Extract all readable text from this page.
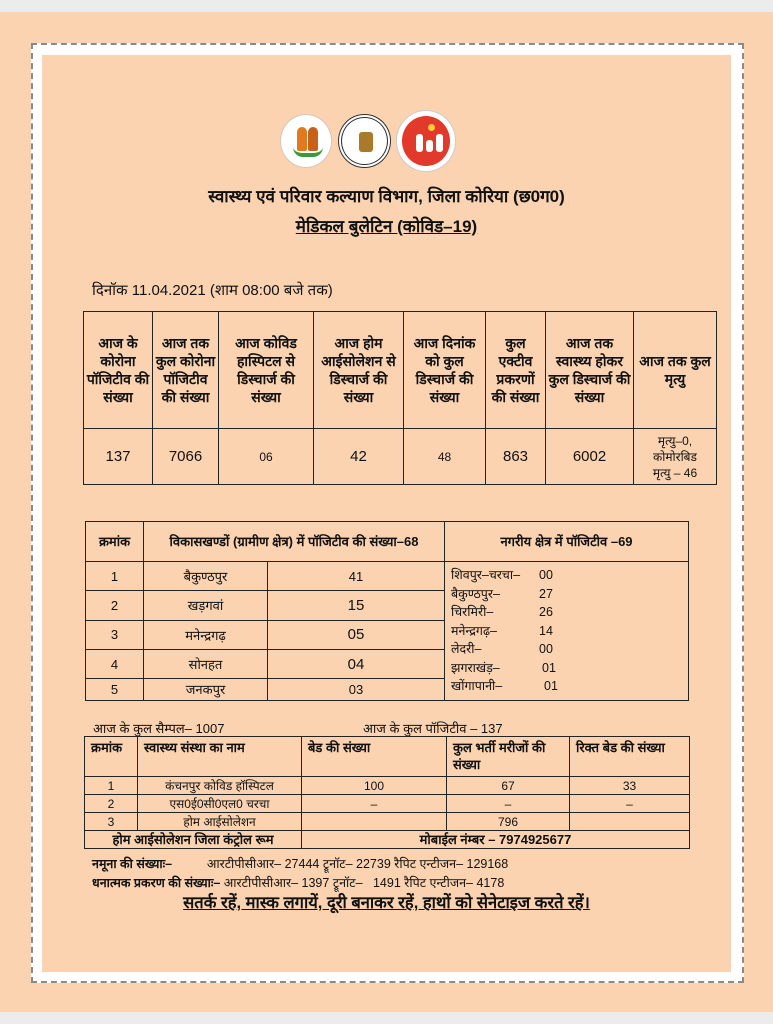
स्वास्थ्य एवं परिवार कल्याण विभाग, जिला कोरिया (छ0ग0)
मेडिकल बुलेटिन (कोविड–19)
दिनॉक 11.04.2021 (शाम 08:00 बजे तक)
आज के कोरोना पॉजिटीव की संख्या	आज तक कुल कोरोना पॉजिटीव की संख्या	आज कोविड हास्पिटल से डिस्चार्ज की संख्या	आज होम आईसोलेशन से डिस्चार्ज की संख्या	आज दिनांक को कुल डिस्चार्ज की संख्या	कुल एक्टीव प्रकरणों की संख्या	आज तक स्वास्थ्य होकर कुल डिस्चार्ज की संख्या	आज तक कुल मृत्यु
137	7066	06	42	48	863	6002	मृत्यु–0,
कोमोरबिड
मृत्यु – 46
क्रमांक	विकासखण्डों (ग्रामीण क्षेत्र) में पॉजिटीव की संख्या–68		नगरीय क्षेत्र में पॉजिटीव –69
1	बैकुण्ठपुर	41	शिवपुर–चरचा–	00
बैकुण्ठपुर–	27
चिरमिरी–	26
मनेन्द्रगढ़–	14
लेदरी–	00
झगराखंड़–	01
खोंगापानी–	01

2	खड़गवां	15	
3	मनेन्द्रगढ़	05	
4	सोनहत	04	
5	जनकपुर	03	
आज के कुल सैम्पल– 1007	आज के कुल पॉजिटीव – 137
क्रमांक	स्वास्थ्य संस्था का नाम	बेड की संख्या	कुल भर्ती मरीजों की संख्या	रिक्त बेड की संख्या
1	कंचनपुर कोविड हॉस्पिटल	100	67	33
2	एस0ई0सी0एल0 चरचा	–	–	–
3	होम आईसोलेशन		796	
होम आईसोलेशन जिला कंट्रोल रूम		मोबाईल नंम्बर – 7974925677		
नमूना की संख्याः–          आरटीपीसीआर– 27444 ट्रूनॉट– 22739 रैपिट एन्टीजन– 129168
धनात्मक प्रकरण की संख्याः– आरटीपीसीआर– 1397 ट्रूनॉट–   1491 रैपिट एन्टीजन– 4178
सतर्क रहें, मास्क लगायें, दूरी बनाकर रहें, हाथों को सेनेटाइज करते रहें।
